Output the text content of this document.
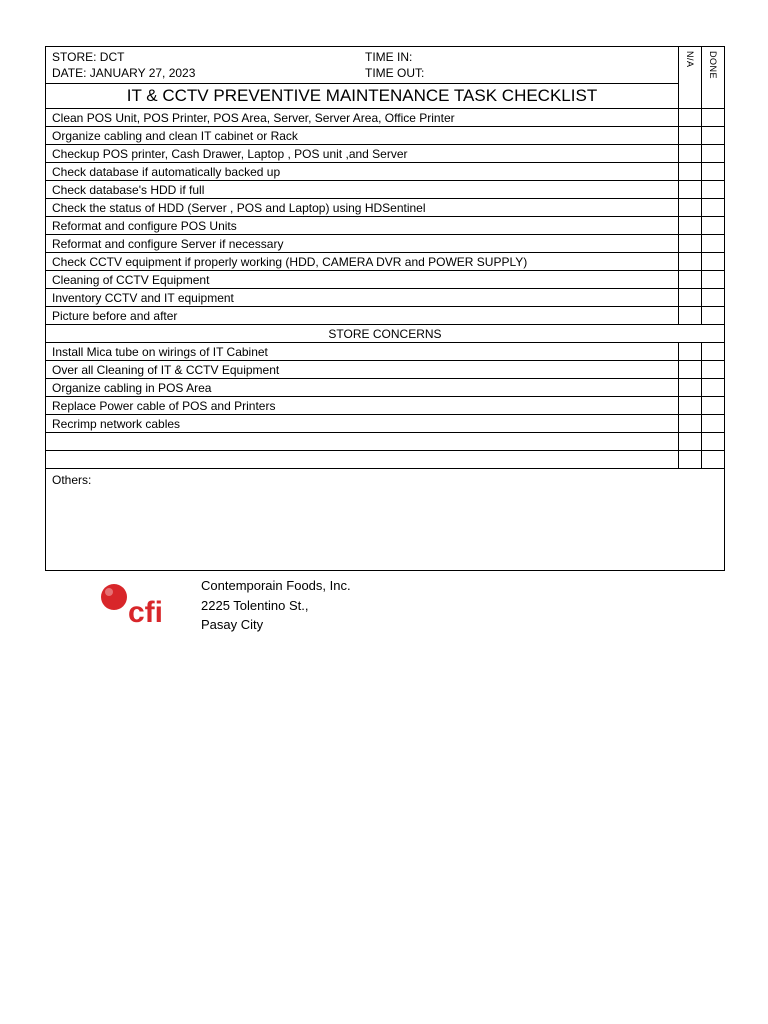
STORE: DCT
DATE: JANUARY 27, 2023
TIME IN:
TIME OUT:	N/A	DONE

IT & CCTV PREVENTIVE MAINTENANCE TASK CHECKLIST		
Clean POS Unit, POS Printer, POS Area, Server, Server Area, Office Printer		
Organize cabling and clean IT cabinet or Rack		
Checkup POS printer, Cash Drawer, Laptop , POS unit ,and Server		
Check database if automatically backed up		
Check database's HDD if full		
Check the status of HDD (Server , POS and Laptop) using HDSentinel		
Reformat and configure POS Units		
Reformat and configure Server if necessary		
Check CCTV equipment if properly working (HDD, CAMERA DVR and POWER SUPPLY)		
Cleaning of CCTV Equipment		
Inventory CCTV and IT equipment		
Picture before and after		
STORE CONCERNS		
Install Mica tube on wirings of IT Cabinet		
Over all Cleaning of IT & CCTV Equipment		
Organize cabling in POS Area		
Replace Power cable of POS and Printers		
Recrimp network cables		

Others:		
cfi
Contemporain Foods, Inc.
2225 Tolentino St.,
Pasay City
